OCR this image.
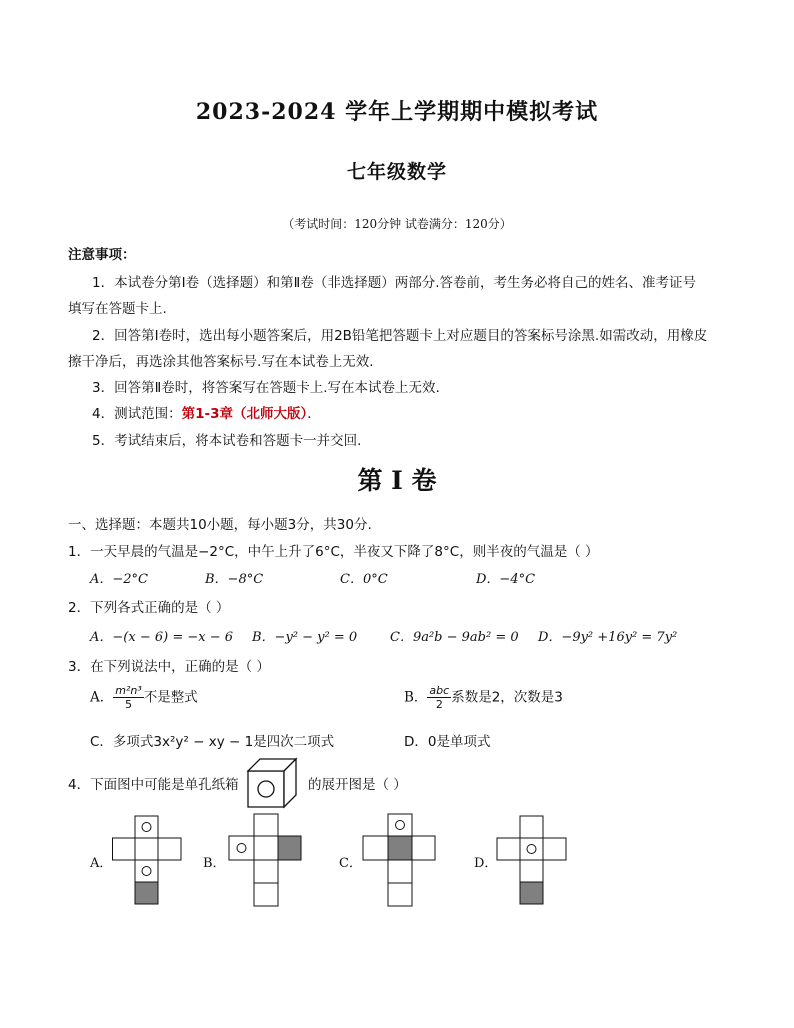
2023-2024 学年上学期期中模拟考试
七年级数学
（考试时间：120分钟 试卷满分：120分）
注意事项：
1．本试卷分第Ⅰ卷（选择题）和第Ⅱ卷（非选择题）两部分.答卷前，考生务必将自己的姓名、准考证号
填写在答题卡上.
2．回答第Ⅰ卷时，选出每小题答案后，用2B铅笔把答题卡上对应题目的答案标号涂黑.如需改动，用橡皮
擦干净后，再选涂其他答案标号.写在本试卷上无效.
3．回答第Ⅱ卷时，将答案写在答题卡上.写在本试卷上无效.
4．测试范围：第1-3章（北师大版）．
5．考试结束后，将本试卷和答题卡一并交回.
第 I 卷
一、选择题：本题共10小题，每小题3分，共30分.
1．一天早晨的气温是−2°C，中午上升了6°C，半夜又下降了8°C，则半夜的气温是（ ）
A．−2°C	B．−8°C	C．0°C	D．−4°C
2．下列各式正确的是（ ）
A．−(x − 6) = −x − 6 B．−y² − y² = 0	C．9a²b − 9ab² = 0 D．−9y² +16y² = 7y²
3．在下列说法中，正确的是（ ）
A． $\frac{\text{m²n³}}{5}$ 不是整式	B． $\frac{\text{abc}}{2}$ 系数是2，次数是3
C．多项式3x²y² − xy − 1是四次二项式	D．0是单项式
4．下面图中可能是单孔纸箱	的展开图是（ ）
A．	B．	C．	D．
